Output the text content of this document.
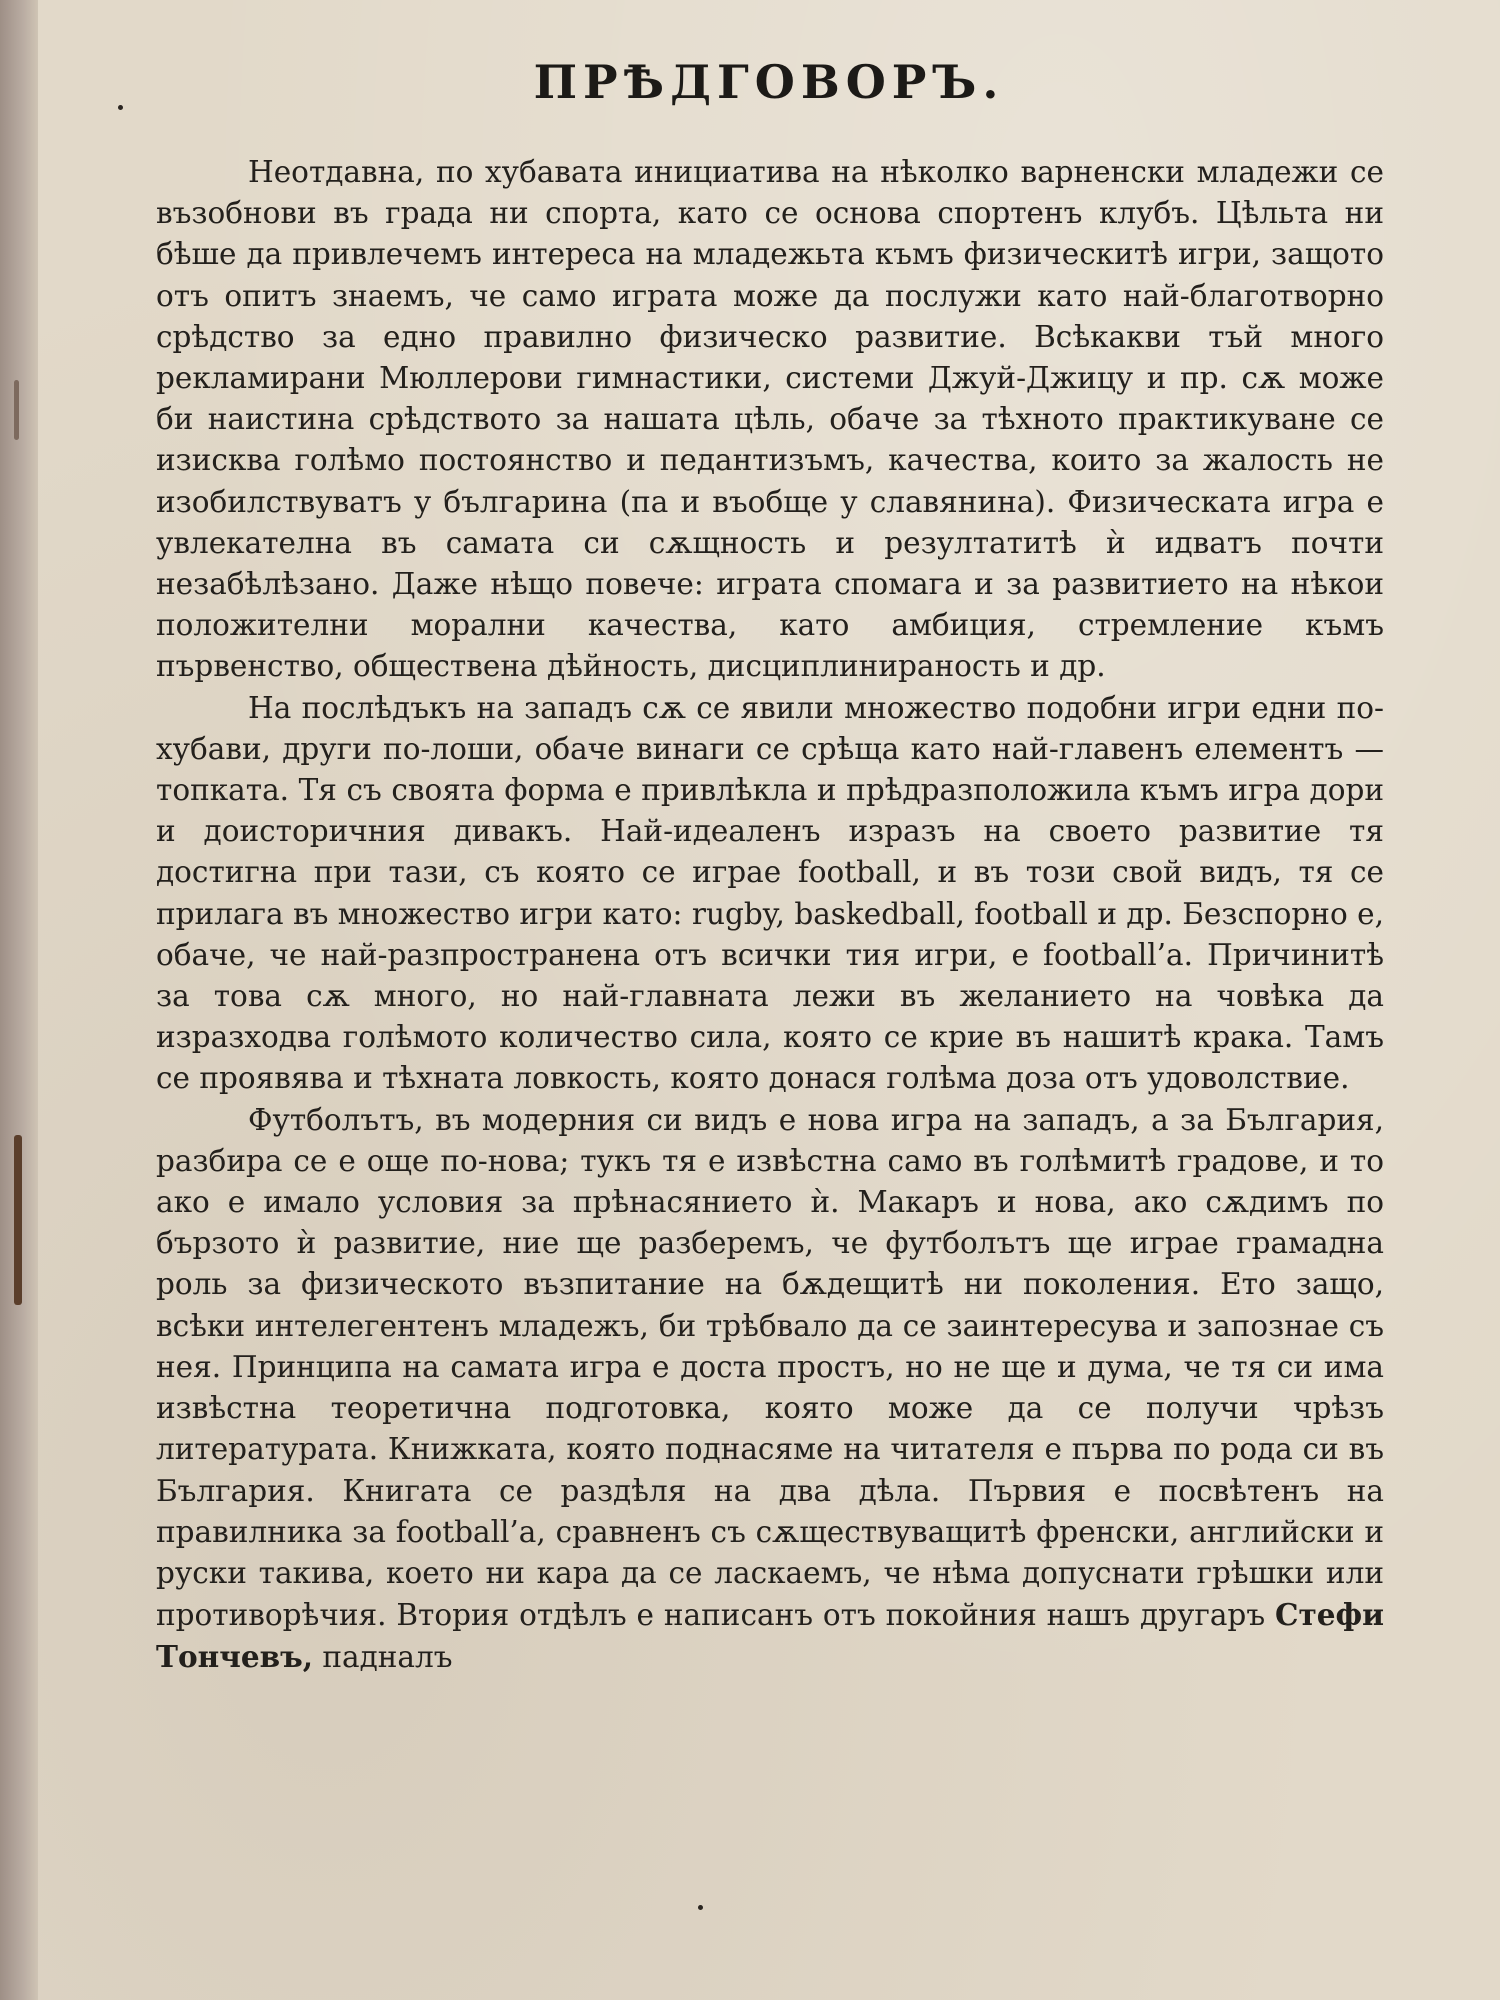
ПРѢДГОВОРЪ.

Неотдавна, по хубавата инициатива на нѣколко варненски младежи се възобнови въ града ни спорта, като се основа спортенъ клубъ. Цѣльта ни бѣше да привлечемъ интереса на младежьта къмъ физическитѣ игри, защото отъ опитъ знаемъ, че само играта може да послужи като най-благотворно срѣдство за едно правилно физическо развитие. Всѣкакви тъй много рекламирани Мюллерови гимнастики, системи Джуй-Джицу и пр. сѫ може би наистина срѣдството за нашата цѣль, обаче за тѣхното практикуване се изисква голѣмо постоянство и педантизъмъ, качества, които за жалость не изобилствуватъ у българина (па и въобще у славянина). Физическата игра е увлекателна въ самата си сѫщность и резултатитѣ ѝ идватъ почти незабѣлѣзано. Даже нѣщо повече: играта спомага и за развитието на нѣкои положителни морални качества, като амбиция, стремление къмъ първенство, обществена дѣйность, дисциплинираность и др.

На послѣдъкъ на западъ сѫ се явили множество подобни игри едни по-хубави, други по-лоши, обаче винаги се срѣща като най-главенъ елементъ — топката. Тя съ своята форма е привлѣкла и прѣдразположила къмъ игра дори и доисторичния дивакъ. Най-идеаленъ изразъ на своето развитие тя достигна при тази, съ която се играе football, и въ този свой видъ, тя се прилага въ множество игри като: rugby, baskedball, football и др. Безспорно е, обаче, че най-разпространена отъ всички тия игри, е football’a. Причинитѣ за това сѫ много, но най-главната лежи въ желанието на човѣка да изразходва голѣмото количество сила, която се крие въ нашитѣ крака. Тамъ се проявява и тѣхната ловкость, която донася голѣма доза отъ удоволствие.

Футболътъ, въ модерния си видъ е нова игра на западъ, а за България, разбира се е още по-нова; тукъ тя е извѣстна само въ голѣмитѣ градове, и то ако е имало условия за прѣнасянието ѝ. Макаръ и нова, ако сѫдимъ по бързото ѝ развитие, ние ще разберемъ, че футболътъ ще играе грамадна роль за физическото възпитание на бѫдещитѣ ни поколения. Ето защо, всѣки интелегентенъ младежъ, би трѣбвало да се заинтересува и запознае съ нея. Принципа на самата игра е доста простъ, но не ще и дума, че тя си има извѣстна теоретична подготовка, която може да се получи чрѣзъ литературата. Книжката, която поднасяме на читателя е първа по рода си въ България. Книгата се раздѣля на два дѣла. Първия е посвѣтенъ на правилника за football’a, сравненъ съ сѫществуващитѣ френски, английски и руски такива, което ни кара да се ласкаемъ, че нѣма допуснати грѣшки или противорѣчия. Втория отдѣлъ е написанъ отъ покойния нашъ другаръ Стефи Тончевъ, падналъ
